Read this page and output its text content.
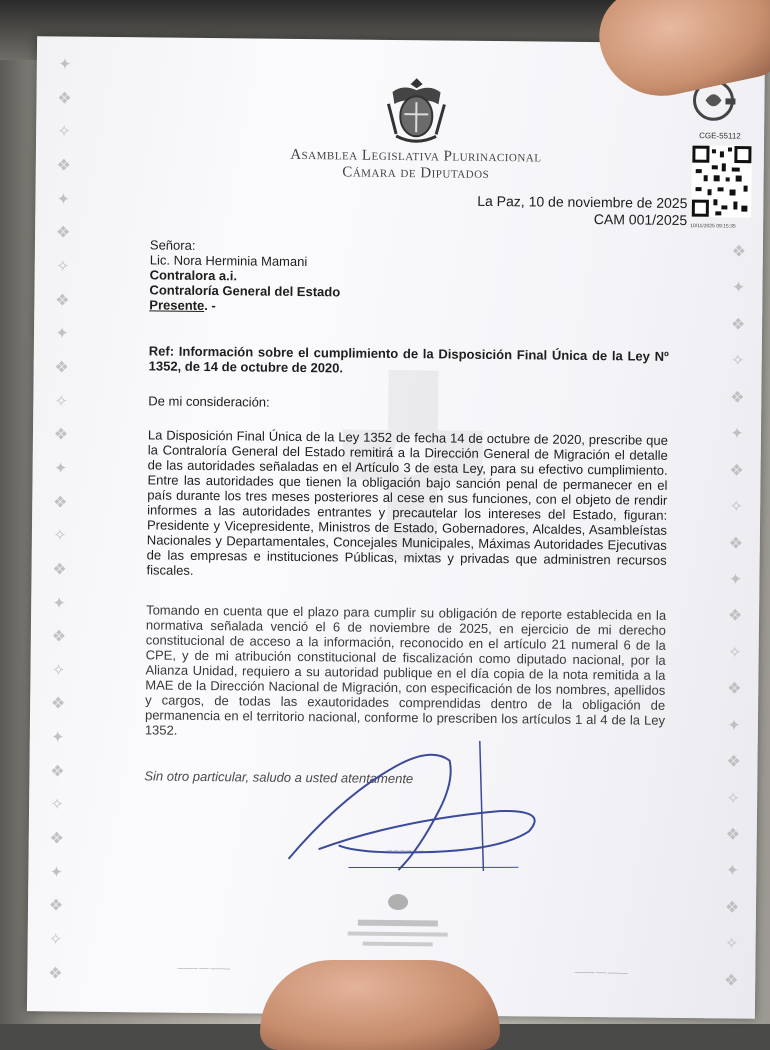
✦
❖
✧
❖
✦
❖
✧
❖
✦
❖
✧
❖
✦
❖
✧
❖
✦
❖
✧
❖
✦
❖
✧
❖
✦
❖
✧
❖
❖
✦
❖
✧
❖
✦
❖
✧
❖
✦
❖
✧
❖
✦
❖
✧
❖
✦
❖
✧
❖
Asamblea Legislativa Plurinacional
Cámara de Diputados
CGE-55112
10/11/2025 09:15:35
La Paz, 10 de noviembre de 2025
CAM 001/2025
Señora:
Lic. Nora Herminia Mamani
Contralora a.i.
Contraloría General del Estado
Presente. -
Ref: Información sobre el cumplimiento de la Disposición Final Única de la Ley Nº 1352, de 14 de octubre de 2020.
De mi consideración:
La Disposición Final Única de la Ley 1352 de fecha 14 de octubre de 2020, prescribe que la Contraloría General del Estado remitirá a la Dirección General de Migración el detalle de las autoridades señaladas en el Artículo 3 de esta Ley, para su efectivo cumplimiento. Entre las autoridades que tienen la obligación bajo sanción penal de permanecer en el país durante los tres meses posteriores al cese en sus funciones, con el objeto de rendir informes a las autoridades entrantes y precautelar los intereses del Estado, figuran: Presidente y Vicepresidente, Ministros de Estado, Gobernadores, Alcaldes, Asambleístas Nacionales y Departamentales, Concejales Municipales, Máximas Autoridades Ejecutivas de las empresas e instituciones Públicas, mixtas y privadas que administren recursos fiscales.
Tomando en cuenta que el plazo para cumplir su obligación de reporte establecida en la normativa señalada venció el 6 de noviembre de 2025, en ejercicio de mi derecho constitucional de acceso a la información, reconocido en el artículo 21 numeral 6 de la CPE, y de mi atribución constitucional de fiscalización como diputado nacional, por la Alianza Unidad, requiero a su autoridad publique en el día copia de la nota remitida a la MAE de la Dirección Nacional de Migración, con especificación de los nombres, apellidos y cargos, de todas las exautoridades comprendidas dentro de la obligación de permanencia en el territorio nacional, conforme lo prescriben los artículos 1 al 4 de la Ley 1352.
Sin otro particular, saludo a usted atentamente
— — — — — — —
———— —— ————
———— —— ————
